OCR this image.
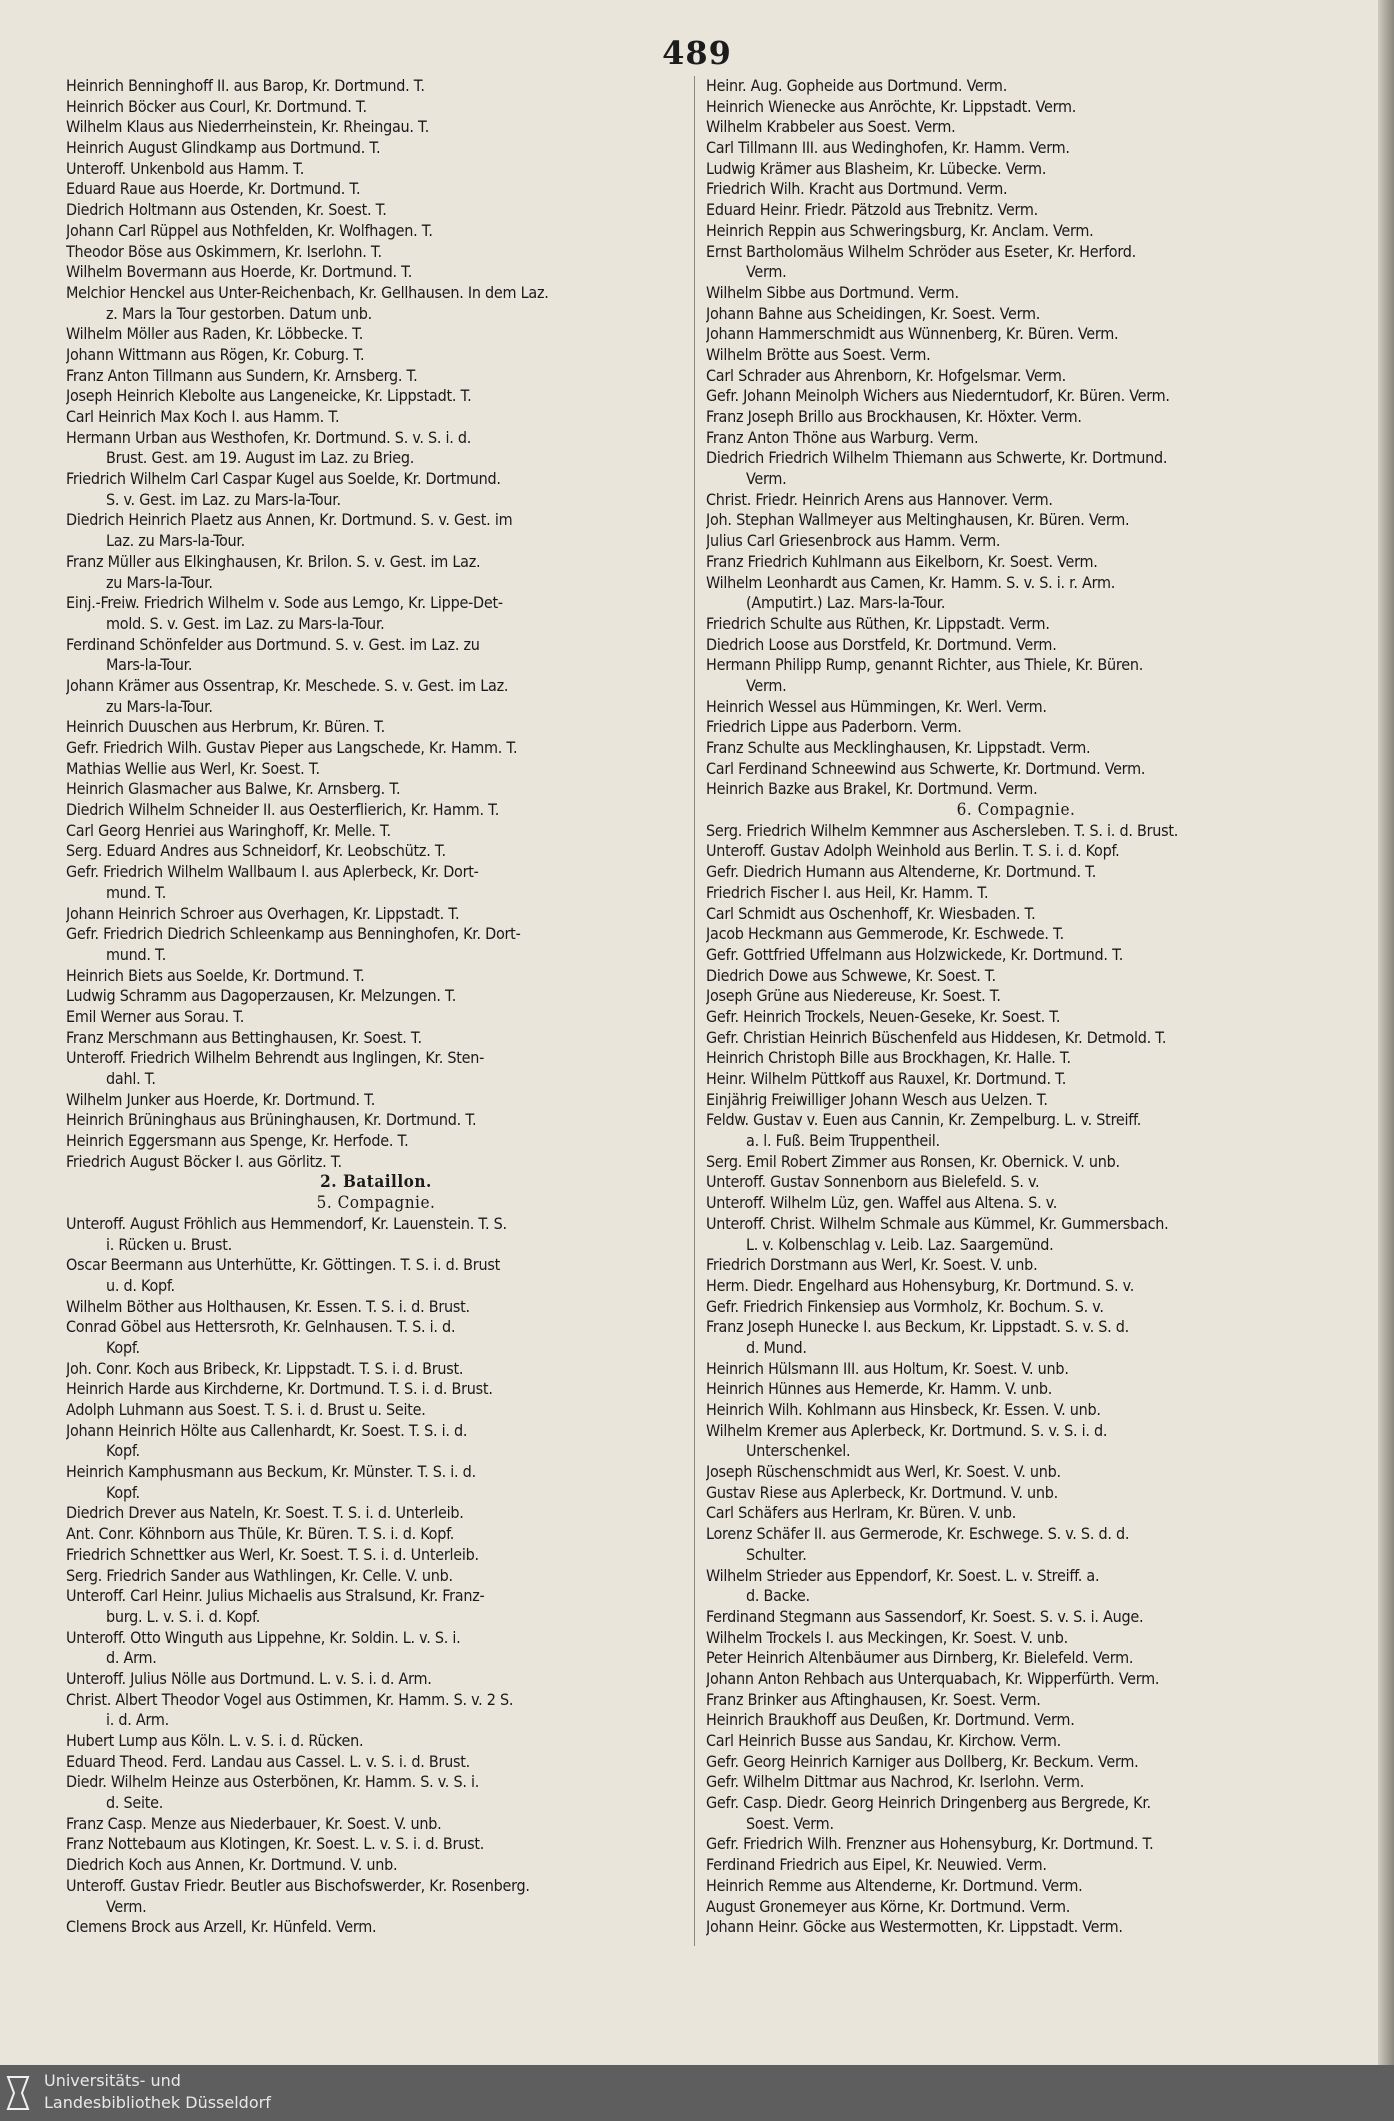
489
Heinrich Benninghoff II. aus Barop, Kr. Dortmund. T.
Heinrich Böcker aus Courl, Kr. Dortmund. T.
Wilhelm Klaus aus Niederrheinstein, Kr. Rheingau. T.
Heinrich August Glindkamp aus Dortmund. T.
Unteroff. Unkenbold aus Hamm. T.
Eduard Raue aus Hoerde, Kr. Dortmund. T.
Diedrich Holtmann aus Ostenden, Kr. Soest. T.
Johann Carl Rüppel aus Nothfelden, Kr. Wolfhagen. T.
Theodor Böse aus Oskimmern, Kr. Iserlohn. T.
Wilhelm Bovermann aus Hoerde, Kr. Dortmund. T.
Melchior Henckel aus Unter-Reichenbach, Kr. Gellhausen. In dem Laz.
z. Mars la Tour gestorben. Datum unb.
Wilhelm Möller aus Raden, Kr. Löbbecke. T.
Johann Wittmann aus Rögen, Kr. Coburg. T.
Franz Anton Tillmann aus Sundern, Kr. Arnsberg. T.
Joseph Heinrich Klebolte aus Langeneicke, Kr. Lippstadt. T.
Carl Heinrich Max Koch I. aus Hamm. T.
Hermann Urban aus Westhofen, Kr. Dortmund. S. v. S. i. d.
Brust. Gest. am 19. August im Laz. zu Brieg.
Friedrich Wilhelm Carl Caspar Kugel aus Soelde, Kr. Dortmund.
S. v. Gest. im Laz. zu Mars-la-Tour.
Diedrich Heinrich Plaetz aus Annen, Kr. Dortmund. S. v. Gest. im
Laz. zu Mars-la-Tour.
Franz Müller aus Elkinghausen, Kr. Brilon. S. v. Gest. im Laz.
zu Mars-la-Tour.
Einj.-Freiw. Friedrich Wilhelm v. Sode aus Lemgo, Kr. Lippe-Det-
mold. S. v. Gest. im Laz. zu Mars-la-Tour.
Ferdinand Schönfelder aus Dortmund. S. v. Gest. im Laz. zu
Mars-la-Tour.
Johann Krämer aus Ossentrap, Kr. Meschede. S. v. Gest. im Laz.
zu Mars-la-Tour.
Heinrich Duuschen aus Herbrum, Kr. Büren. T.
Gefr. Friedrich Wilh. Gustav Pieper aus Langschede, Kr. Hamm. T.
Mathias Wellie aus Werl, Kr. Soest. T.
Heinrich Glasmacher aus Balwe, Kr. Arnsberg. T.
Diedrich Wilhelm Schneider II. aus Oesterflierich, Kr. Hamm. T.
Carl Georg Henriei aus Waringhoff, Kr. Melle. T.
Serg. Eduard Andres aus Schneidorf, Kr. Leobschütz. T.
Gefr. Friedrich Wilhelm Wallbaum I. aus Aplerbeck, Kr. Dort-
mund. T.
Johann Heinrich Schroer aus Overhagen, Kr. Lippstadt. T.
Gefr. Friedrich Diedrich Schleenkamp aus Benninghofen, Kr. Dort-
mund. T.
Heinrich Biets aus Soelde, Kr. Dortmund. T.
Ludwig Schramm aus Dagoperzausen, Kr. Melzungen. T.
Emil Werner aus Sorau. T.
Franz Merschmann aus Bettinghausen, Kr. Soest. T.
Unteroff. Friedrich Wilhelm Behrendt aus Inglingen, Kr. Sten-
dahl. T.
Wilhelm Junker aus Hoerde, Kr. Dortmund. T.
Heinrich Brüninghaus aus Brüninghausen, Kr. Dortmund. T.
Heinrich Eggersmann aus Spenge, Kr. Herfode. T.
Friedrich August Böcker I. aus Görlitz. T.
2. Bataillon.
5. Compagnie.
Unteroff. August Fröhlich aus Hemmendorf, Kr. Lauenstein. T. S.
i. Rücken u. Brust.
Oscar Beermann aus Unterhütte, Kr. Göttingen. T. S. i. d. Brust
u. d. Kopf.
Wilhelm Böther aus Holthausen, Kr. Essen. T. S. i. d. Brust.
Conrad Göbel aus Hettersroth, Kr. Gelnhausen. T. S. i. d.
Kopf.
Joh. Conr. Koch aus Bribeck, Kr. Lippstadt. T. S. i. d. Brust.
Heinrich Harde aus Kirchderne, Kr. Dortmund. T. S. i. d. Brust.
Adolph Luhmann aus Soest. T. S. i. d. Brust u. Seite.
Johann Heinrich Hölte aus Callenhardt, Kr. Soest. T. S. i. d.
Kopf.
Heinrich Kamphusmann aus Beckum, Kr. Münster. T. S. i. d.
Kopf.
Diedrich Drever aus Nateln, Kr. Soest. T. S. i. d. Unterleib.
Ant. Conr. Köhnborn aus Thüle, Kr. Büren. T. S. i. d. Kopf.
Friedrich Schnettker aus Werl, Kr. Soest. T. S. i. d. Unterleib.
Serg. Friedrich Sander aus Wathlingen, Kr. Celle. V. unb.
Unteroff. Carl Heinr. Julius Michaelis aus Stralsund, Kr. Franz-
burg. L. v. S. i. d. Kopf.
Unteroff. Otto Winguth aus Lippehne, Kr. Soldin. L. v. S. i.
d. Arm.
Unteroff. Julius Nölle aus Dortmund. L. v. S. i. d. Arm.
Christ. Albert Theodor Vogel aus Ostimmen, Kr. Hamm. S. v. 2 S.
i. d. Arm.
Hubert Lump aus Köln. L. v. S. i. d. Rücken.
Eduard Theod. Ferd. Landau aus Cassel. L. v. S. i. d. Brust.
Diedr. Wilhelm Heinze aus Osterbönen, Kr. Hamm. S. v. S. i.
d. Seite.
Franz Casp. Menze aus Niederbauer, Kr. Soest. V. unb.
Franz Nottebaum aus Klotingen, Kr. Soest. L. v. S. i. d. Brust.
Diedrich Koch aus Annen, Kr. Dortmund. V. unb.
Unteroff. Gustav Friedr. Beutler aus Bischofswerder, Kr. Rosenberg.
Verm.
Clemens Brock aus Arzell, Kr. Hünfeld. Verm.
Heinr. Aug. Gopheide aus Dortmund. Verm.
Heinrich Wienecke aus Anröchte, Kr. Lippstadt. Verm.
Wilhelm Krabbeler aus Soest. Verm.
Carl Tillmann III. aus Wedinghofen, Kr. Hamm. Verm.
Ludwig Krämer aus Blasheim, Kr. Lübecke. Verm.
Friedrich Wilh. Kracht aus Dortmund. Verm.
Eduard Heinr. Friedr. Pätzold aus Trebnitz. Verm.
Heinrich Reppin aus Schweringsburg, Kr. Anclam. Verm.
Ernst Bartholomäus Wilhelm Schröder aus Eseter, Kr. Herford.
Verm.
Wilhelm Sibbe aus Dortmund. Verm.
Johann Bahne aus Scheidingen, Kr. Soest. Verm.
Johann Hammerschmidt aus Wünnenberg, Kr. Büren. Verm.
Wilhelm Brötte aus Soest. Verm.
Carl Schrader aus Ahrenborn, Kr. Hofgelsmar. Verm.
Gefr. Johann Meinolph Wichers aus Niederntudorf, Kr. Büren. Verm.
Franz Joseph Brillo aus Brockhausen, Kr. Höxter. Verm.
Franz Anton Thöne aus Warburg. Verm.
Diedrich Friedrich Wilhelm Thiemann aus Schwerte, Kr. Dortmund.
Verm.
Christ. Friedr. Heinrich Arens aus Hannover. Verm.
Joh. Stephan Wallmeyer aus Meltinghausen, Kr. Büren. Verm.
Julius Carl Griesenbrock aus Hamm. Verm.
Franz Friedrich Kuhlmann aus Eikelborn, Kr. Soest. Verm.
Wilhelm Leonhardt aus Camen, Kr. Hamm. S. v. S. i. r. Arm.
(Amputirt.) Laz. Mars-la-Tour.
Friedrich Schulte aus Rüthen, Kr. Lippstadt. Verm.
Diedrich Loose aus Dorstfeld, Kr. Dortmund. Verm.
Hermann Philipp Rump, genannt Richter, aus Thiele, Kr. Büren.
Verm.
Heinrich Wessel aus Hümmingen, Kr. Werl. Verm.
Friedrich Lippe aus Paderborn. Verm.
Franz Schulte aus Mecklinghausen, Kr. Lippstadt. Verm.
Carl Ferdinand Schneewind aus Schwerte, Kr. Dortmund. Verm.
Heinrich Bazke aus Brakel, Kr. Dortmund. Verm.
6. Compagnie.
Serg. Friedrich Wilhelm Kemmner aus Aschersleben. T. S. i. d. Brust.
Unteroff. Gustav Adolph Weinhold aus Berlin. T. S. i. d. Kopf.
Gefr. Diedrich Humann aus Altenderne, Kr. Dortmund. T.
Friedrich Fischer I. aus Heil, Kr. Hamm. T.
Carl Schmidt aus Oschenhoff, Kr. Wiesbaden. T.
Jacob Heckmann aus Gemmerode, Kr. Eschwede. T.
Gefr. Gottfried Uffelmann aus Holzwickede, Kr. Dortmund. T.
Diedrich Dowe aus Schwewe, Kr. Soest. T.
Joseph Grüne aus Niedereuse, Kr. Soest. T.
Gefr. Heinrich Trockels, Neuen-Geseke, Kr. Soest. T.
Gefr. Christian Heinrich Büschenfeld aus Hiddesen, Kr. Detmold. T.
Heinrich Christoph Bille aus Brockhagen, Kr. Halle. T.
Heinr. Wilhelm Püttkoff aus Rauxel, Kr. Dortmund. T.
Einjährig Freiwilliger Johann Wesch aus Uelzen. T.
Feldw. Gustav v. Euen aus Cannin, Kr. Zempelburg. L. v. Streiff.
a. l. Fuß. Beim Truppentheil.
Serg. Emil Robert Zimmer aus Ronsen, Kr. Obernick. V. unb.
Unteroff. Gustav Sonnenborn aus Bielefeld. S. v.
Unteroff. Wilhelm Lüz, gen. Waffel aus Altena. S. v.
Unteroff. Christ. Wilhelm Schmale aus Kümmel, Kr. Gummersbach.
L. v. Kolbenschlag v. Leib. Laz. Saargemünd.
Friedrich Dorstmann aus Werl, Kr. Soest. V. unb.
Herm. Diedr. Engelhard aus Hohensyburg, Kr. Dortmund. S. v.
Gefr. Friedrich Finkensiep aus Vormholz, Kr. Bochum. S. v.
Franz Joseph Hunecke I. aus Beckum, Kr. Lippstadt. S. v. S. d.
d. Mund.
Heinrich Hülsmann III. aus Holtum, Kr. Soest. V. unb.
Heinrich Hünnes aus Hemerde, Kr. Hamm. V. unb.
Heinrich Wilh. Kohlmann aus Hinsbeck, Kr. Essen. V. unb.
Wilhelm Kremer aus Aplerbeck, Kr. Dortmund. S. v. S. i. d.
Unterschenkel.
Joseph Rüschenschmidt aus Werl, Kr. Soest. V. unb.
Gustav Riese aus Aplerbeck, Kr. Dortmund. V. unb.
Carl Schäfers aus Herlram, Kr. Büren. V. unb.
Lorenz Schäfer II. aus Germerode, Kr. Eschwege. S. v. S. d. d.
Schulter.
Wilhelm Strieder aus Eppendorf, Kr. Soest. L. v. Streiff. a.
d. Backe.
Ferdinand Stegmann aus Sassendorf, Kr. Soest. S. v. S. i. Auge.
Wilhelm Trockels I. aus Meckingen, Kr. Soest. V. unb.
Peter Heinrich Altenbäumer aus Dirnberg, Kr. Bielefeld. Verm.
Johann Anton Rehbach aus Unterquabach, Kr. Wipperfürth. Verm.
Franz Brinker aus Aftinghausen, Kr. Soest. Verm.
Heinrich Braukhoff aus Deußen, Kr. Dortmund. Verm.
Carl Heinrich Busse aus Sandau, Kr. Kirchow. Verm.
Gefr. Georg Heinrich Karniger aus Dollberg, Kr. Beckum. Verm.
Gefr. Wilhelm Dittmar aus Nachrod, Kr. Iserlohn. Verm.
Gefr. Casp. Diedr. Georg Heinrich Dringenberg aus Bergrede, Kr.
Soest. Verm.
Gefr. Friedrich Wilh. Frenzner aus Hohensyburg, Kr. Dortmund. T.
Ferdinand Friedrich aus Eipel, Kr. Neuwied. Verm.
Heinrich Remme aus Altenderne, Kr. Dortmund. Verm.
August Gronemeyer aus Körne, Kr. Dortmund. Verm.
Johann Heinr. Göcke aus Westermotten, Kr. Lippstadt. Verm.
Universitäts- und
Landesbibliothek Düsseldorf
